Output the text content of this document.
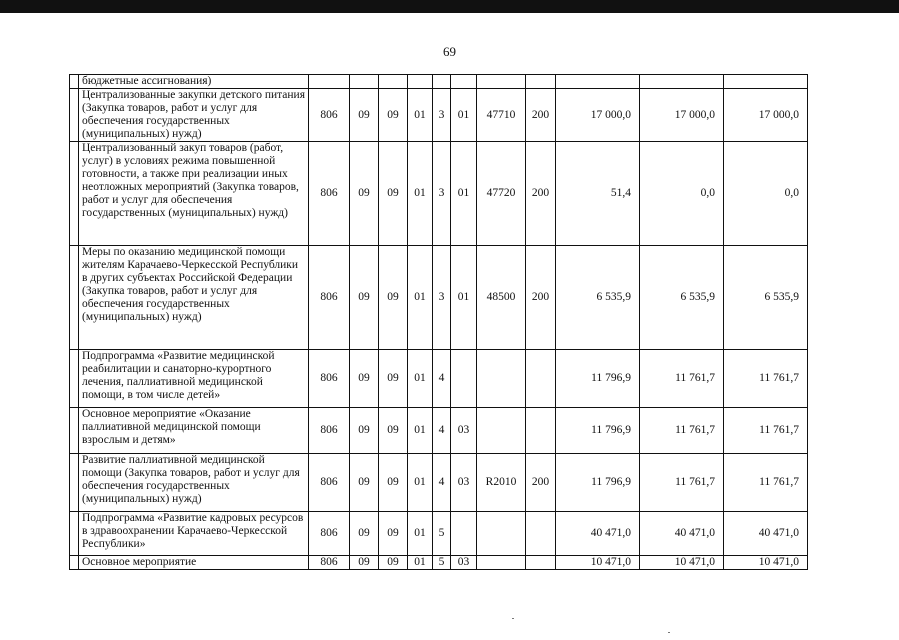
69
	бюджетные ассигнования)											
	Централизованные закупки детского питания (Закупка товаров, работ и услуг для обеспечения государственных (муниципальных) нужд)	806	09	09	01	3	01	47710	200	17 000,0	17 000,0	17 000,0
	Централизованный закуп товаров (работ, услуг) в условиях режима повышенной готовности, а также при реализации иных неотложных мероприятий (Закупка товаров, работ и услуг для обеспечения государственных (муниципальных) нужд)	806	09	09	01	3	01	47720	200	51,4	0,0	0,0
	Меры по оказанию медицинской помощи жителям Карачаево-Черкесской Республики в других субъектах Российской Федерации (Закупка товаров, работ и услуг для обеспечения государственных (муниципальных) нужд)	806	09	09	01	3	01	48500	200	6 535,9	6 535,9	6 535,9
	Подпрограмма «Развитие медицинской реабилитации и санаторно-курортного лечения, паллиативной медицинской помощи, в том числе детей»	806	09	09	01	4				11 796,9	11 761,7	11 761,7
	Основное мероприятие «Оказание паллиативной медицинской помощи взрослым и детям»	806	09	09	01	4	03			11 796,9	11 761,7	11 761,7
	Развитие паллиативной медицинской помощи (Закупка товаров, работ и услуг для обеспечения государственных (муниципальных) нужд)	806	09	09	01	4	03	R2010	200	11 796,9	11 761,7	11 761,7
	Подпрограмма «Развитие кадровых ресурсов в здравоохранении Карачаево-Черкесской Республики»	806	09	09	01	5				40 471,0	40 471,0	40 471,0
	Основное мероприятие	806	09	09	01	5	03			10 471,0	10 471,0	10 471,0
